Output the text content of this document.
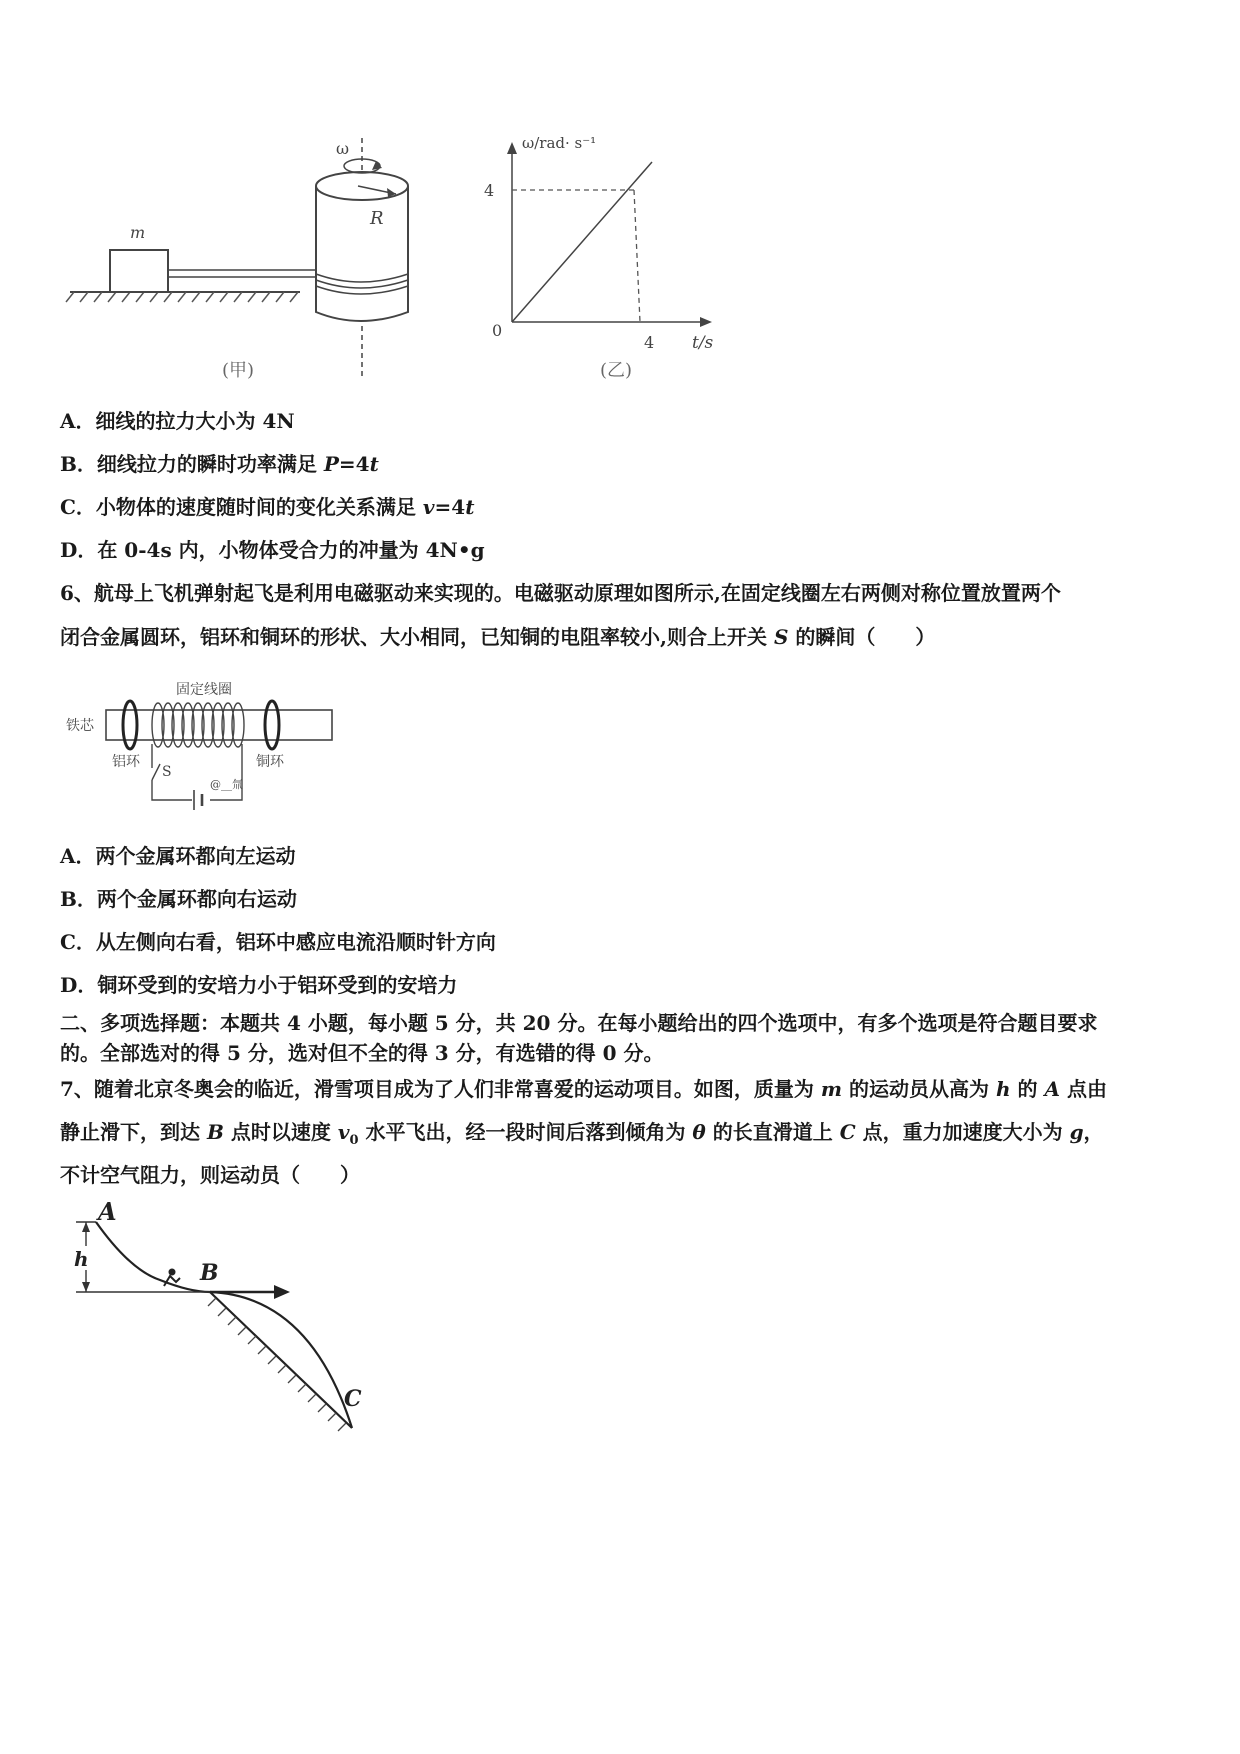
m
R
ω
(甲)
ω/rad· s⁻¹
t/s
4
4
0
(乙)
A．细线的拉力大小为 4N
B．细线拉力的瞬时功率满足 P=4t
C．小物体的速度随时间的变化关系满足 v=4t
D．在 0-4s 内，小物体受合力的冲量为 4N•g
6、航母上飞机弹射起飞是利用电磁驱动来实现的。电磁驱动原理如图所示,在固定线圈左右两侧对称位置放置两个
闭合金属圆环，铝环和铜环的形状、大小相同，已知铜的电阻率较小,则合上开关 S 的瞬间（　　）
固定线圈
铁芯
铝环	铜环
S
@__ 氚
A．两个金属环都向左运动
B．两个金属环都向右运动
C．从左侧向右看，铝环中感应电流沿顺时针方向
D．铜环受到的安培力小于铝环受到的安培力
二、多项选择题：本题共 4 小题，每小题 5 分，共 20 分。在每小题给出的四个选项中，有多个选项是符合题目要求
的。全部选对的得 5 分，选对但不全的得 3 分，有选错的得 0 分。
7、随着北京冬奥会的临近，滑雪项目成为了人们非常喜爱的运动项目。如图，质量为 m 的运动员从高为 h 的 A 点由
静止滑下，到达 B 点时以速度 $v_0$ 水平飞出，经一段时间后落到倾角为 θ 的长直滑道上 C 点，重力加速度大小为 g，
不计空气阻力，则运动员（　　）
h
A
B
C
